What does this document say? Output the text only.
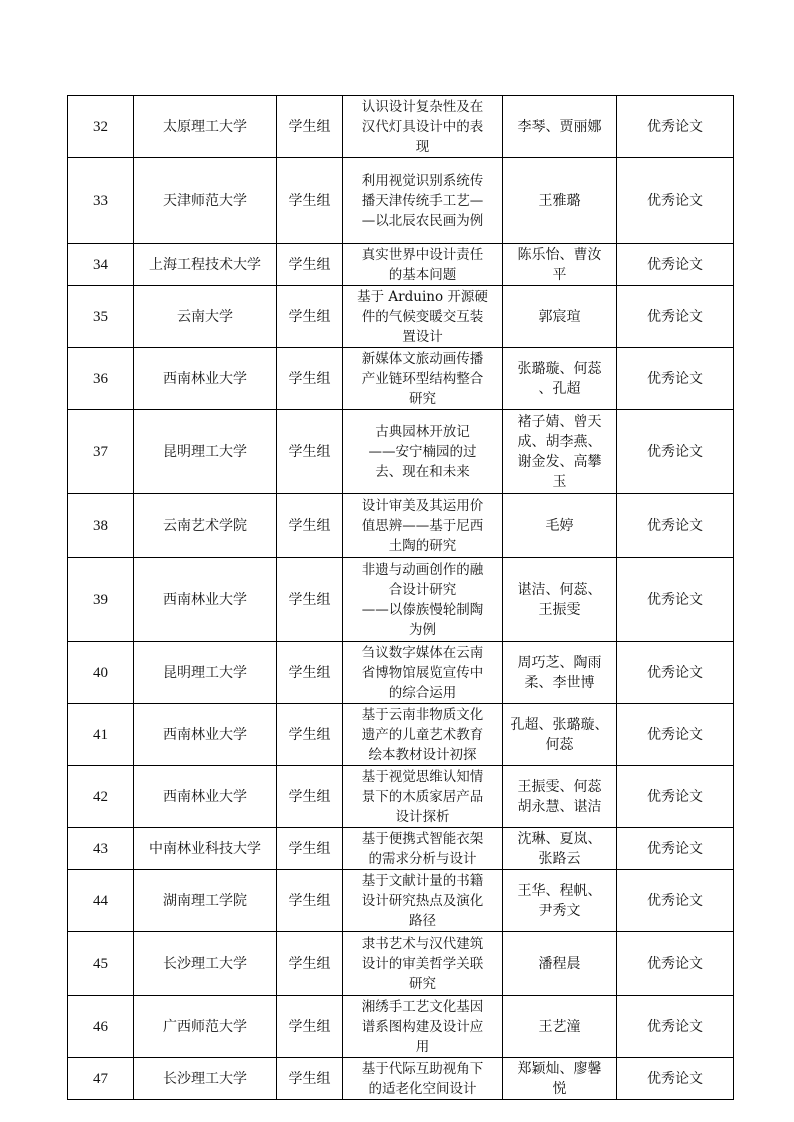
32	太原理工大学	学生组	认识设计复杂性及在
汉代灯具设计中的表
现	李琴、贾丽娜	优秀论文
33	天津师范大学	学生组	利用视觉识别系统传
播天津传统手工艺—
—以北辰农民画为例	王雅璐	优秀论文
34	上海工程技术大学	学生组	真实世界中设计责任
的基本问题	陈乐怡、曹汝
平	优秀论文
35	云南大学	学生组	基于 Arduino 开源硬
件的气候变暖交互装
置设计	郭宸瑄	优秀论文
36	西南林业大学	学生组	新媒体文旅动画传播
产业链环型结构整合
研究	张璐璇、何蕊
、孔超	优秀论文
37	昆明理工大学	学生组	古典园林开放记
——安宁楠园的过
去、现在和未来	褚子婧、曾天
成、胡李燕、
谢金发、高攀
玉	优秀论文
38	云南艺术学院	学生组	设计审美及其运用价
值思辨——基于尼西
土陶的研究	毛婷	优秀论文
39	西南林业大学	学生组	非遗与动画创作的融
合设计研究
——以傣族慢轮制陶
为例	谌洁、何蕊、
王振雯	优秀论文
40	昆明理工大学	学生组	刍议数字媒体在云南
省博物馆展览宣传中
的综合运用	周巧芝、陶雨
柔、李世博	优秀论文
41	西南林业大学	学生组	基于云南非物质文化
遗产的儿童艺术教育
绘本教材设计初探	孔超、张璐璇、
何蕊	优秀论文
42	西南林业大学	学生组	基于视觉思维认知情
景下的木质家居产品
设计探析	王振雯、何蕊
胡永慧、谌洁	优秀论文
43	中南林业科技大学	学生组	基于便携式智能衣架
的需求分析与设计	沈琳、夏岚、
张路云	优秀论文
44	湖南理工学院	学生组	基于文献计量的书籍
设计研究热点及演化
路径	王华、程帆、
尹秀文	优秀论文
45	长沙理工大学	学生组	隶书艺术与汉代建筑
设计的审美哲学关联
研究	潘程晨	优秀论文
46	广西师范大学	学生组	湘绣手工艺文化基因
谱系图构建及设计应
用	王艺潼	优秀论文
47	长沙理工大学	学生组	基于代际互助视角下
的适老化空间设计	郑颖灿、廖馨
悦	优秀论文
